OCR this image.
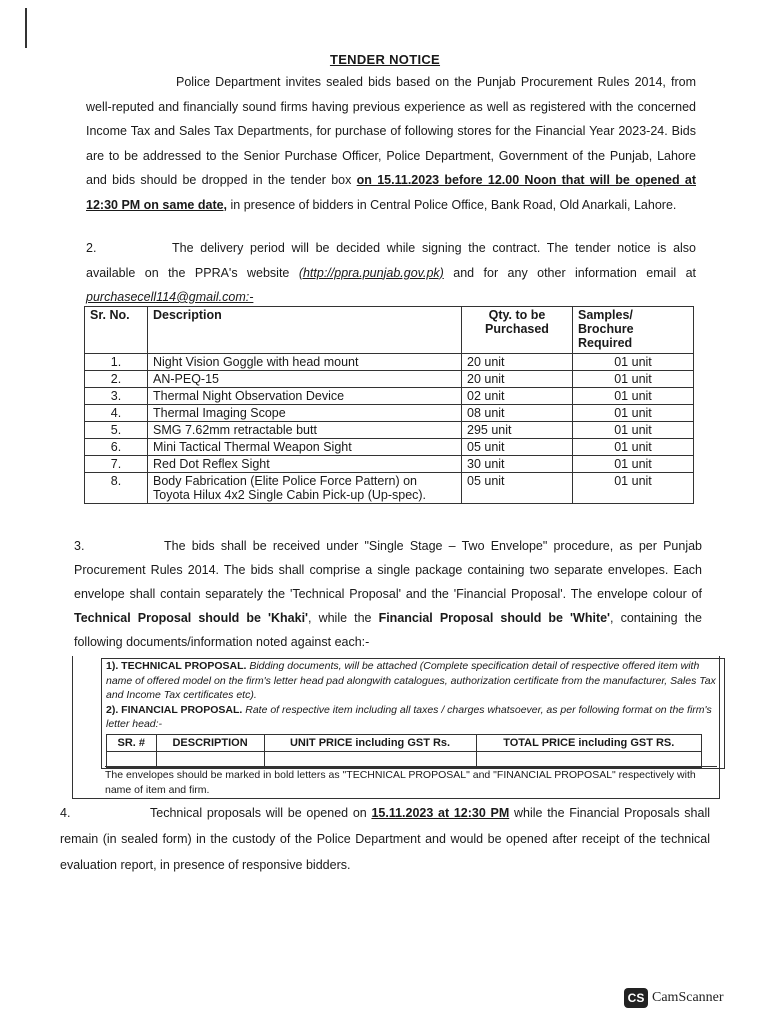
TENDER NOTICE
Police Department invites sealed bids based on the Punjab Procurement Rules 2014, from well-reputed and financially sound firms having previous experience as well as registered with the concerned Income Tax and Sales Tax Departments, for purchase of following stores for the Financial Year 2023-24. Bids are to be addressed to the Senior Purchase Officer, Police Department, Government of the Punjab, Lahore and bids should be dropped in the tender box on 15.11.2023 before 12.00 Noon that will be opened at 12:30 PM on same date, in presence of bidders in Central Police Office, Bank Road, Old Anarkali, Lahore.
2.	The delivery period will be decided while signing the contract. The tender notice is also available on the PPRA's website (http://ppra.punjab.gov.pk) and for any other information email at purchasecell114@gmail.com:-
Sr. No.	Description	Qty. to be Purchased	Samples/ Brochure Required
1.	Night Vision Goggle with head mount	20 unit	01 unit
2.	AN-PEQ-15	20 unit	01 unit
3.	Thermal Night Observation Device	02 unit	01 unit
4.	Thermal Imaging Scope	08 unit	01 unit
5.	SMG 7.62mm retractable butt	295 unit	01 unit
6.	Mini Tactical Thermal Weapon Sight	05 unit	01 unit
7.	Red Dot Reflex Sight	30 unit	01 unit
8.	Body Fabrication (Elite Police Force Pattern) on Toyota Hilux 4x2 Single Cabin Pick-up (Up-spec).	05 unit	01 unit
3.	The bids shall be received under "Single Stage – Two Envelope" procedure, as per Punjab Procurement Rules 2014. The bids shall comprise a single package containing two separate envelopes. Each envelope shall contain separately the 'Technical Proposal' and the 'Financial Proposal'. The envelope colour of Technical Proposal should be 'Khaki', while the Financial Proposal should be 'White', containing the following documents/information noted against each:-
1). TECHNICAL PROPOSAL. Bidding documents, will be attached (Complete specification detail of respective offered item with name of offered model on the firm's letter head pad alongwith catalogues, authorization certificate from the manufacturer, Sales Tax and Income Tax certificates etc).
2). FINANCIAL PROPOSAL. Rate of respective item including all taxes / charges whatsoever, as per following format on the firm's letter head:-
SR. #	DESCRIPTION	UNIT PRICE including GST Rs.	TOTAL PRICE including GST RS.

The envelopes should be marked in bold letters as "TECHNICAL PROPOSAL" and "FINANCIAL PROPOSAL" respectively with name of item and firm.
4.	Technical proposals will be opened on 15.11.2023 at 12:30 PM while the Financial Proposals shall remain (in sealed form) in the custody of the Police Department and would be opened after receipt of the technical evaluation report, in presence of responsive bidders.
CS CamScanner
